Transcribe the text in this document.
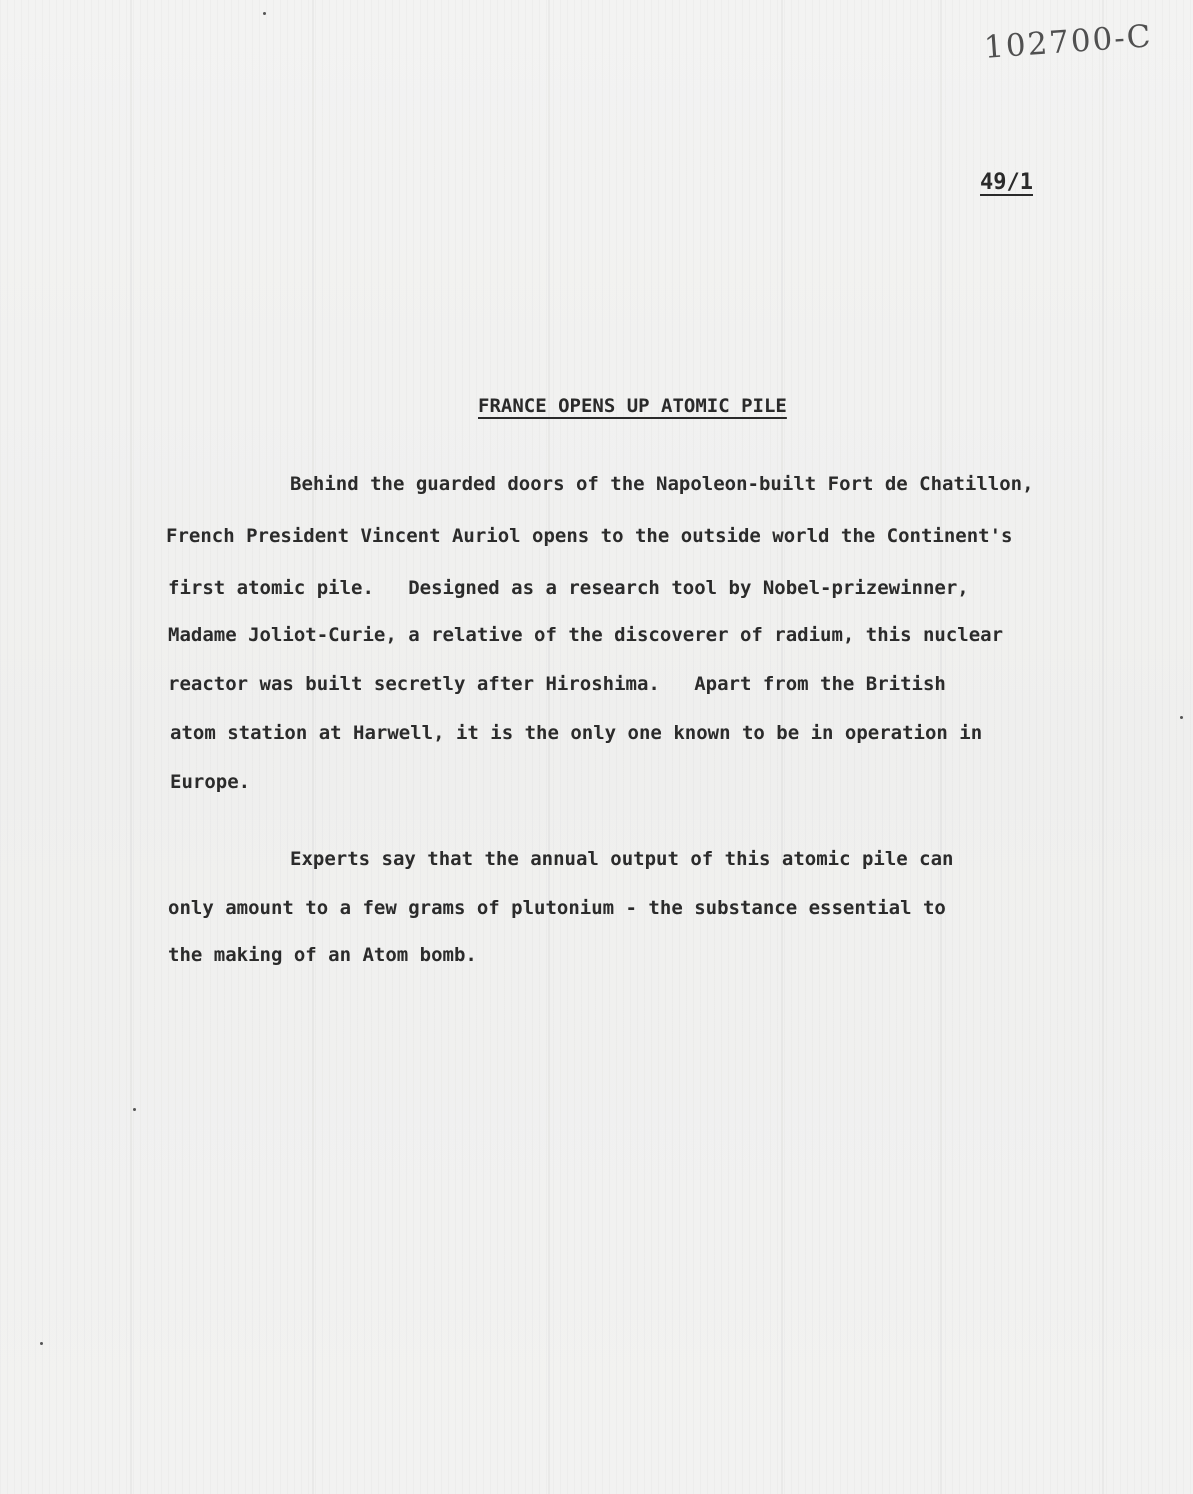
102700-C
49/1
FRANCE OPENS UP ATOMIC PILE
Behind the guarded doors of the Napoleon-built Fort de Chatillon,
French President Vincent Auriol opens to the outside world the Continent's
first atomic pile.   Designed as a research tool by Nobel-prizewinner,
Madame Joliot-Curie, a relative of the discoverer of radium, this nuclear
reactor was built secretly after Hiroshima.   Apart from the British
atom station at Harwell, it is the only one known to be in operation in
Europe.
Experts say that the annual output of this atomic pile can
only amount to a few grams of plutonium - the substance essential to
the making of an Atom bomb.
